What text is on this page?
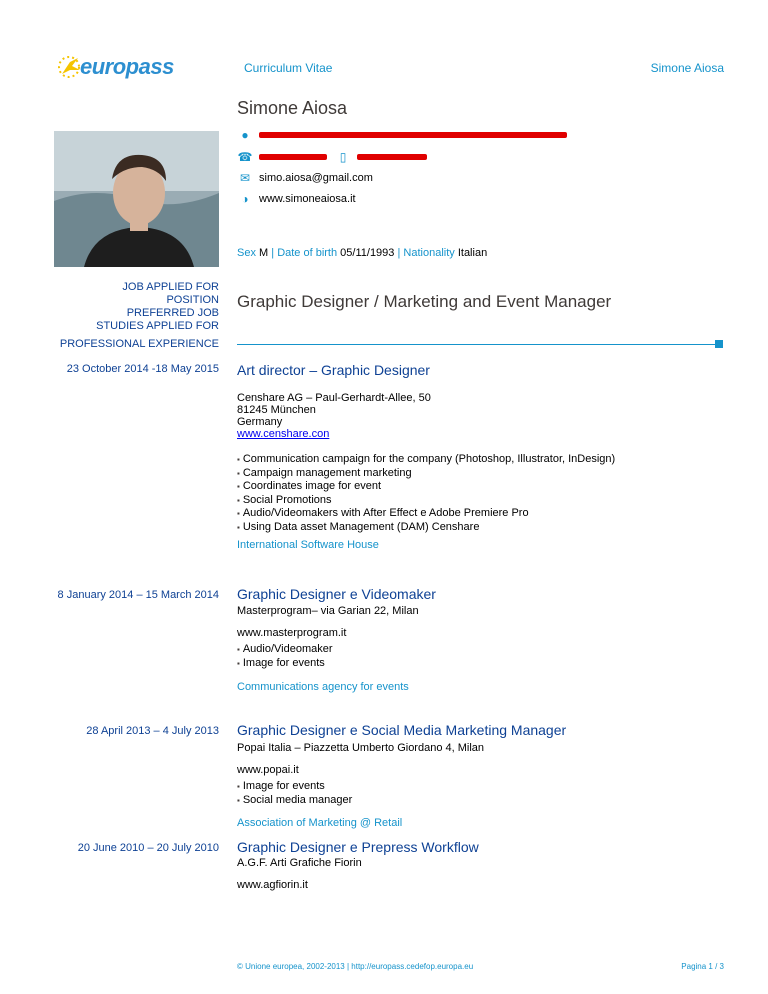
europass	Curriculum Vitae	Simone Aiosa
Simone Aiosa
●
☎	▯
✉ simo.aiosa@gmail.com
◑ www.simoneaiosa.it
Sex M | Date of birth 05/11/1993 | Nationality Italian
JOB APPLIED FOR
POSITION
PREFERRED JOB
STUDIES APPLIED FOR
Graphic Designer / Marketing and Event Manager
PROFESSIONAL EXPERIENCE
23 October 2014 -18 May 2015 Art director – Graphic Designer
Censhare AG – Paul-Gerhardt-Allee, 50
81245 München
Germany
www.censhare.con
▪ Communication campaign for the company (Photoshop, Illustrator, InDesign)
▪ Campaign management marketing
▪ Coordinates image for event
▪ Social Promotions
▪ Audio/Videomakers with After Effect e Adobe Premiere Pro
▪ Using Data asset Management (DAM) Censhare
International Software House
8 January 2014 – 15 March 2014 Graphic Designer e Videomaker
Masterprogram– via Garian 22, Milan
www.masterprogram.it
▪ Audio/Videomaker
▪ Image for events
Communications agency for events
28 April 2013 – 4 July 2013 Graphic Designer e Social Media Marketing Manager
Popai Italia – Piazzetta Umberto Giordano 4, Milan
www.popai.it
▪ Image for events
▪ Social media manager
Association of Marketing @ Retail
20 June 2010 – 20 July 2010 Graphic Designer e Prepress Workflow
A.G.F. Arti Grafiche Fiorin
www.agfiorin.it
© Unione europea, 2002-2013 | http://europass.cedefop.europa.eu	Pagina 1 / 3
